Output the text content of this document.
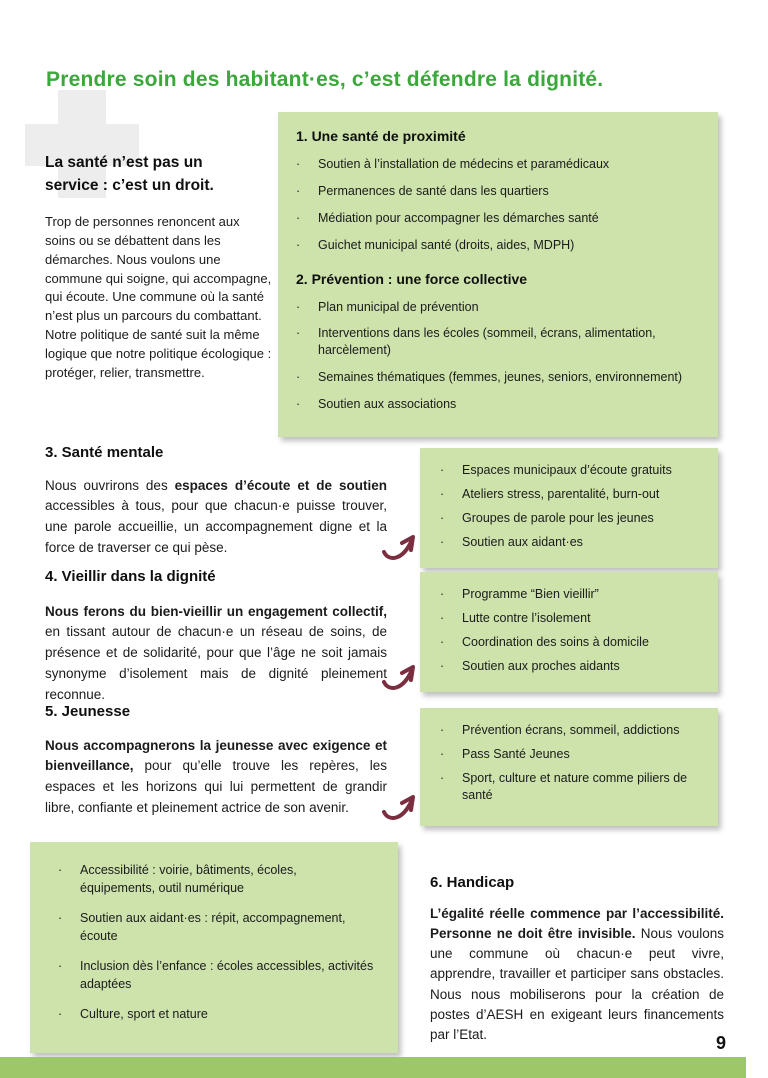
Prendre soin des habitant·es, c’est défendre la dignité.
La santé n’est pas un service : c’est un droit.

Trop de personnes renoncent aux soins ou se débattent dans les démarches. Nous voulons une commune qui soigne, qui accompagne, qui écoute. Une commune où la santé n’est plus un parcours du combattant. Notre politique de santé suit la même logique que notre politique écologique : protéger, relier, transmettre.

1. Une santé de proximité
·
Soutien à l’installation de médecins et paramédicaux
·
Permanences de santé dans les quartiers
·
Médiation pour accompagner les démarches santé
·
Guichet municipal santé (droits, aides, MDPH)
2. Prévention : une force collective
·
Plan municipal de prévention
·
Interventions dans les écoles (sommeil, écrans, alimentation, harcèlement)
·
Semaines thématiques (femmes, jeunes, seniors, environnement)
·
Soutien aux associations
3. Santé mentale

Nous ouvrirons des espaces d’écoute et de soutien accessibles à tous, pour que chacun·e puisse trouver, une parole accueillie, un accompagnement digne et la force de traverser ce qui pèse.

·
Espaces municipaux d’écoute gratuits
·
Ateliers stress, parentalité, burn-out
·
Groupes de parole pour les jeunes
·
Soutien aux aidant·es
4. Vieillir dans la dignité

Nous ferons du bien-vieillir un engagement collectif, en tissant autour de chacun·e un réseau de soins, de présence et de solidarité, pour que l’âge ne soit jamais synonyme d’isolement mais de dignité pleinement reconnue.

·
Programme “Bien vieillir”
·
Lutte contre l’isolement
·
Coordination des soins à domicile
·
Soutien aux proches aidants
5. Jeunesse

Nous accompagnerons la jeunesse avec exigence et bienveillance, pour qu’elle trouve les repères, les espaces et les horizons qui lui permettent de grandir libre, confiante et pleinement actrice de son avenir.

·
Prévention écrans, sommeil, addictions
·
Pass Santé Jeunes
·
Sport, culture et nature comme piliers de santé
·
Accessibilité : voirie, bâtiments, écoles, équipements, outil numérique
·
Soutien aux aidant·es : répit, accompagnement, écoute
·
Inclusion dès l’enfance : écoles accessibles, activités adaptées
·
Culture, sport et nature
6. Handicap

L’égalité réelle commence par l’accessibilité. Personne ne doit être invisible. Nous voulons une commune où chacun·e peut vivre, apprendre, travailler et participer sans obstacles. Nous nous mobiliserons pour la création de postes d’AESH en exigeant leurs financements par l’Etat.	9
